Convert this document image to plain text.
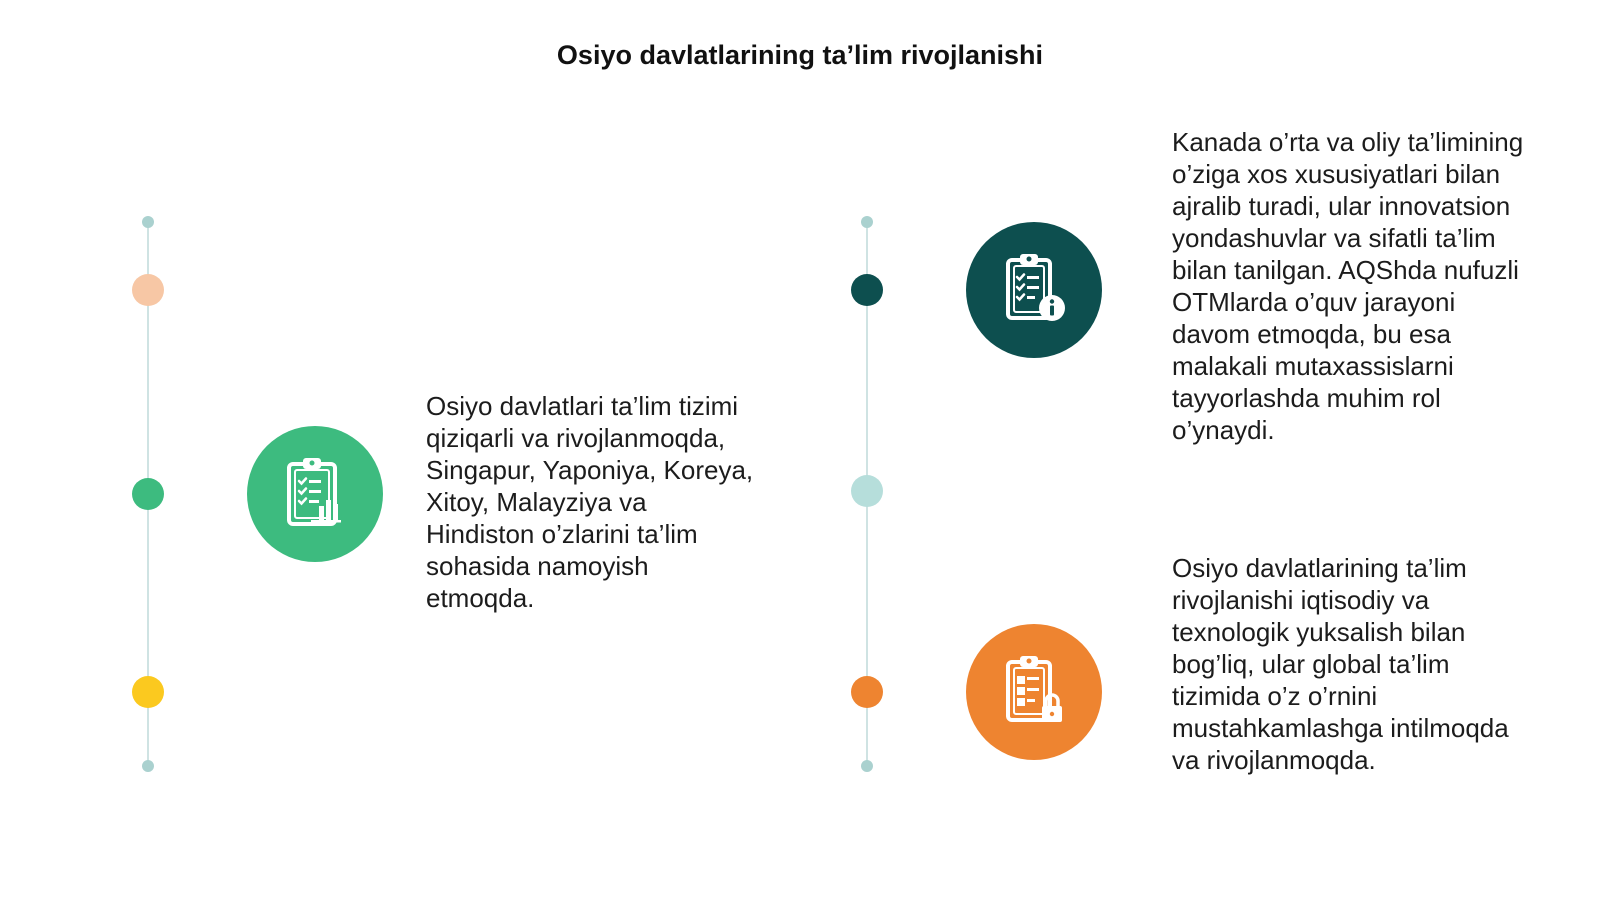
Osiyo davlatlarining ta’lim rivojlanishi
Osiyo davlatlari ta’lim tizimi qiziqarli va rivojlanmoqda, Singapur, Yaponiya, Koreya, Xitoy, Malayziya va Hindiston o’zlarini ta’lim sohasida namoyish etmoqda.
Kanada o’rta va oliy ta’limining o’ziga xos xususiyatlari bilan ajralib turadi, ular innovatsion yondashuvlar va sifatli ta’lim bilan tanilgan. AQShda nufuzli OTMlarda o’quv jarayoni davom etmoqda, bu esa malakali mutaxassislarni tayyorlashda muhim rol o’ynaydi.
Osiyo davlatlarining ta’lim rivojlanishi iqtisodiy va texnologik yuksalish bilan bog’liq, ular global ta’lim tizimida o’z o’rnini mustahkamlashga intilmoqda va rivojlanmoqda.
